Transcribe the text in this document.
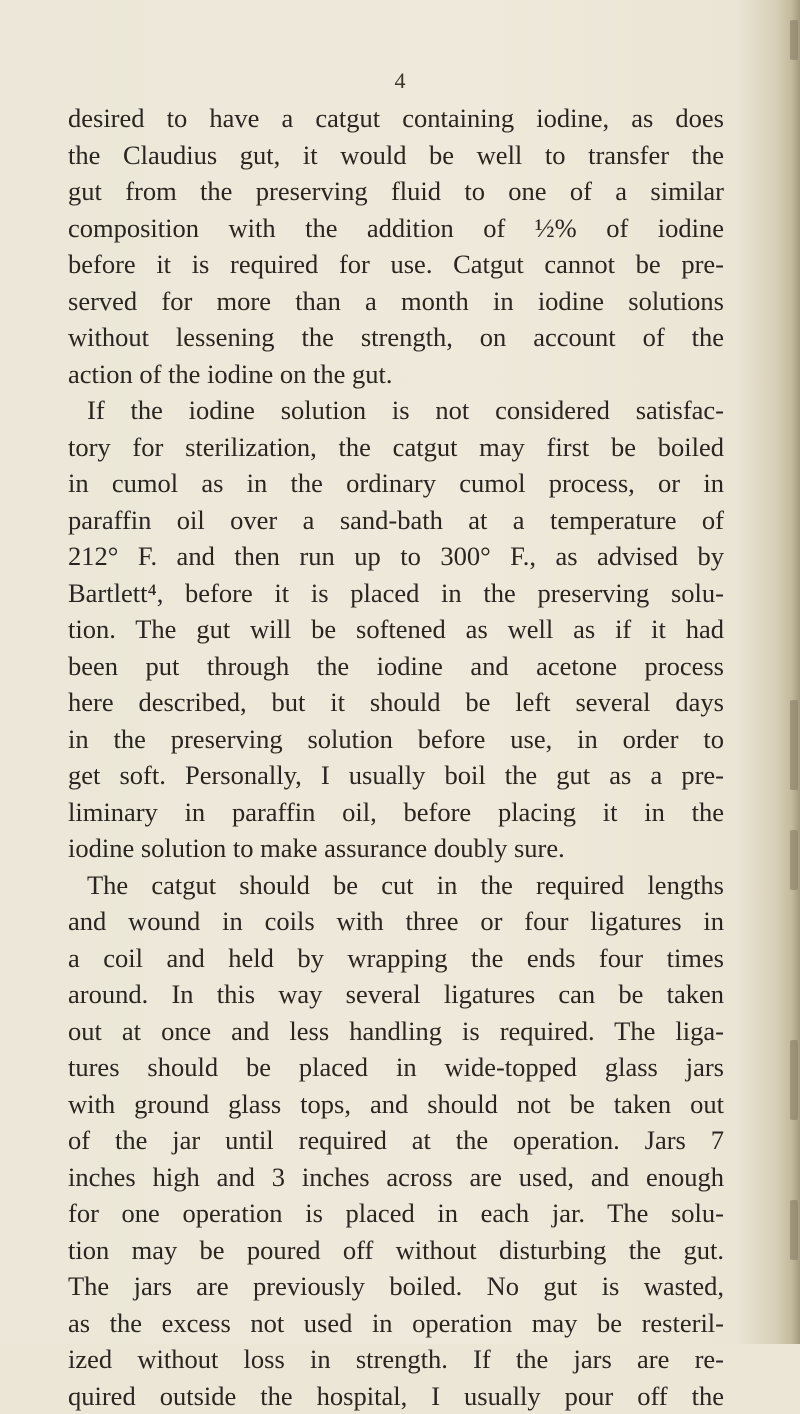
4
desired to have a catgut containing iodine, as does
the Claudius gut, it would be well to transfer the
gut from the preserving fluid to one of a similar
composition with the addition of ½% of iodine
before it is required for use. Catgut cannot be pre-
served for more than a month in iodine solutions
without lessening the strength, on account of the
action of the iodine on the gut.
If the iodine solution is not considered satisfac-
tory for sterilization, the catgut may first be boiled
in cumol as in the ordinary cumol process, or in
paraffin oil over a sand-bath at a temperature of
212° F. and then run up to 300° F., as advised by
Bartlett⁴, before it is placed in the preserving solu-
tion. The gut will be softened as well as if it had
been put through the iodine and acetone process
here described, but it should be left several days
in the preserving solution before use, in order to
get soft. Personally, I usually boil the gut as a pre-
liminary in paraffin oil, before placing it in the
iodine solution to make assurance doubly sure.
The catgut should be cut in the required lengths
and wound in coils with three or four ligatures in
a coil and held by wrapping the ends four times
around. In this way several ligatures can be taken
out at once and less handling is required. The liga-
tures should be placed in wide-topped glass jars
with ground glass tops, and should not be taken out
of the jar until required at the operation. Jars 7
inches high and 3 inches across are used, and enough
for one operation is placed in each jar. The solu-
tion may be poured off without disturbing the gut.
The jars are previously boiled. No gut is wasted,
as the excess not used in operation may be resteril-
ized without loss in strength. If the jars are re-
quired outside the hospital, I usually pour off the
